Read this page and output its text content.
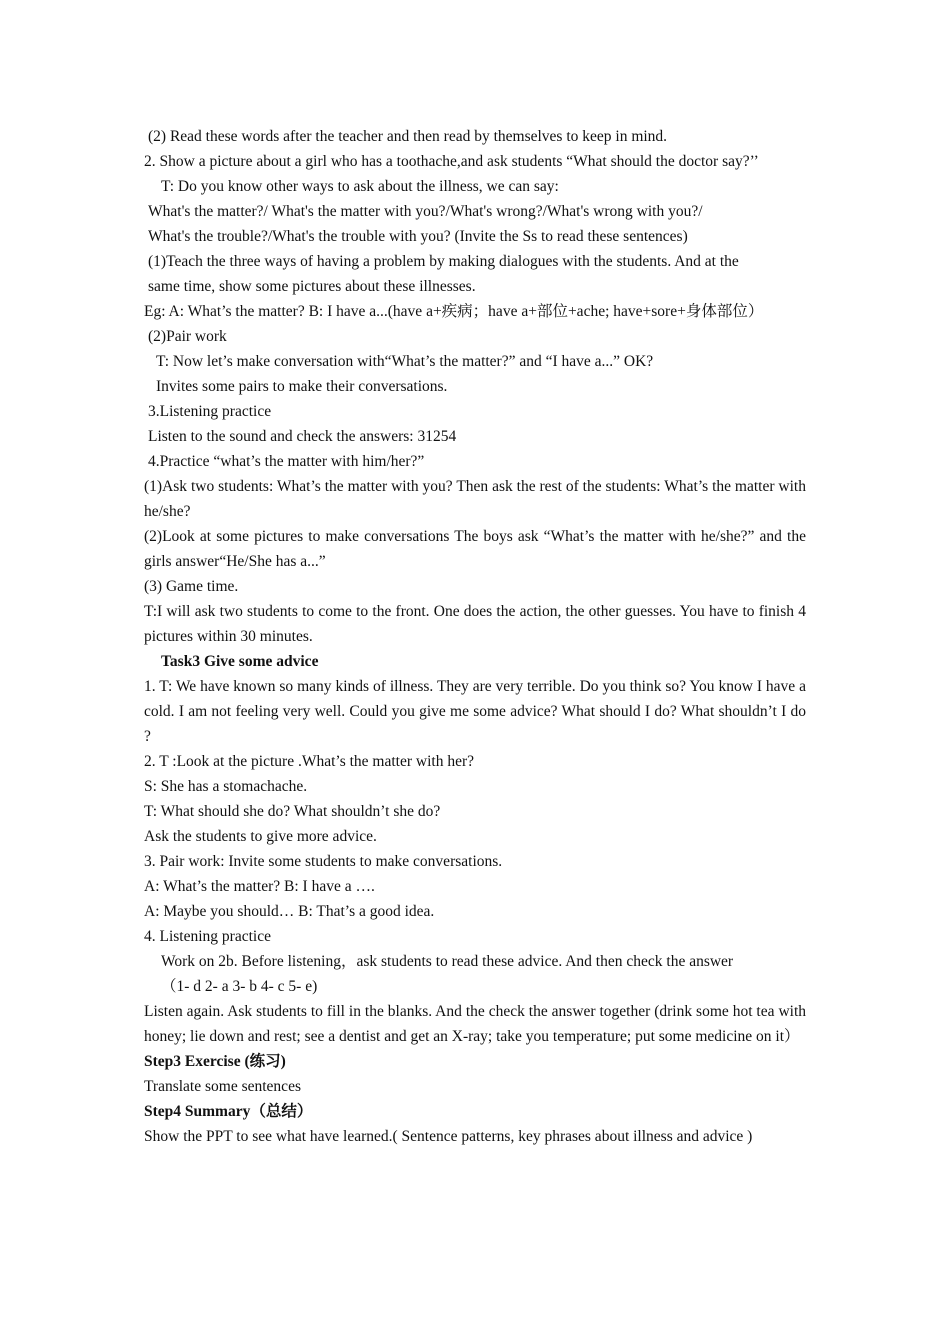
(2) Read these words after the teacher and then read by themselves to keep in mind.
2. Show a picture about a girl who has a toothache,and ask students “What should the doctor say?’’
T: Do you know other ways to ask about the illness, we can say:
What's the matter?/ What's the matter with you?/What's wrong?/What's wrong with you?/
What's the trouble?/What's the trouble with you? (Invite the Ss to read these sentences)
(1)Teach the three ways of having a problem by making dialogues with the students. And at the
same time, show some pictures about these illnesses.
Eg: A: What’s the matter? B: I have a...(have a+疾病；have a+部位+ache; have+sore+身体部位）
(2)Pair work
T: Now let’s make conversation with“What’s the matter?” and “I have a...” OK?
Invites some pairs to make their conversations.
3.Listening practice
Listen to the sound and check the answers: 31254
4.Practice “what’s the matter with him/her?”
(1)Ask two students: What’s the matter with you? Then ask the rest of the students: What’s the matter with he/she?
(2)Look at some pictures to make conversations The boys ask “What’s the matter with he/she?” and the girls answer“He/She has a...”
(3) Game time.
T:I will ask two students to come to the front. One does the action, the other guesses. You have to finish 4 pictures within 30 minutes.
Task3 Give some advice
1. T: We have known so many kinds of illness. They are very terrible. Do you think so? You know I have a cold. I am not feeling very well. Could you give me some advice? What should I do? What shouldn’t I do ?
2. T :Look at the picture .What’s the matter with her?
S: She has a stomachache.
T: What should she do? What shouldn’t she do?
Ask the students to give more advice.
3. Pair work: Invite some students to make conversations.
A: What’s the matter? B: I have a ….
A: Maybe you should… B: That’s a good idea.
4. Listening practice
Work on 2b. Before listening，ask students to read these advice. And then check the answer
（1- d 2- a 3- b 4- c 5- e)
Listen again. Ask students to fill in the blanks. And the check the answer together (drink some hot tea with honey; lie down and rest; see a dentist and get an X-ray; take you temperature; put some medicine on it）
Step3 Exercise (练习)
Translate some sentences
Step4 Summary（总结）
Show the PPT to see what have learned.( Sentence patterns, key phrases about illness and advice )
